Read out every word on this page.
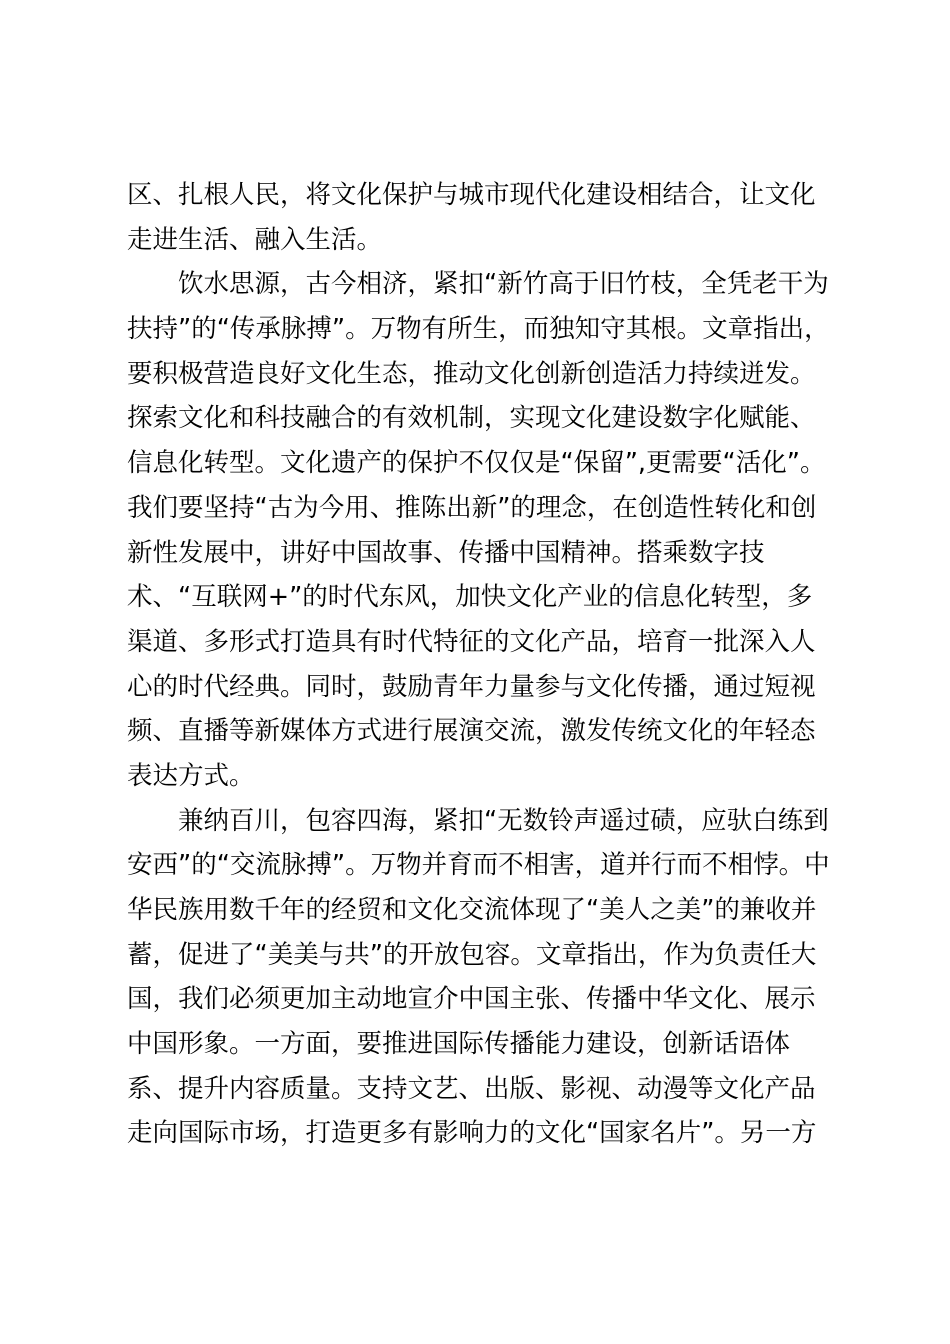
区、扎根人民，将文化保护与城市现代化建设相结合，让文化
走进生活、融入生活。
　　饮水思源，古今相济，紧扣“新竹高于旧竹枝，全凭老干为
扶持”的“传承脉搏”。万物有所生，而独知守其根。文章指出，
要积极营造良好文化生态，推动文化创新创造活力持续迸发。
探索文化和科技融合的有效机制，实现文化建设数字化赋能、
信息化转型。文化遗产的保护不仅仅是“保留”,更需要“活化”。
我们要坚持“古为今用、推陈出新”的理念，在创造性转化和创
新性发展中，讲好中国故事、传播中国精神。搭乘数字技
术、“互联网+”的时代东风，加快文化产业的信息化转型，多
渠道、多形式打造具有时代特征的文化产品，培育一批深入人
心的时代经典。同时，鼓励青年力量参与文化传播，通过短视
频、直播等新媒体方式进行展演交流，激发传统文化的年轻态
表达方式。
　　兼纳百川，包容四海，紧扣“无数铃声遥过碛，应驮白练到
安西”的“交流脉搏”。万物并育而不相害，道并行而不相悖。中
华民族用数千年的经贸和文化交流体现了“美人之美”的兼收并
蓄，促进了“美美与共”的开放包容。文章指出，作为负责任大
国，我们必须更加主动地宣介中国主张、传播中华文化、展示
中国形象。一方面，要推进国际传播能力建设，创新话语体
系、提升内容质量。支持文艺、出版、影视、动漫等文化产品
走向国际市场，打造更多有影响力的文化“国家名片”。另一方
